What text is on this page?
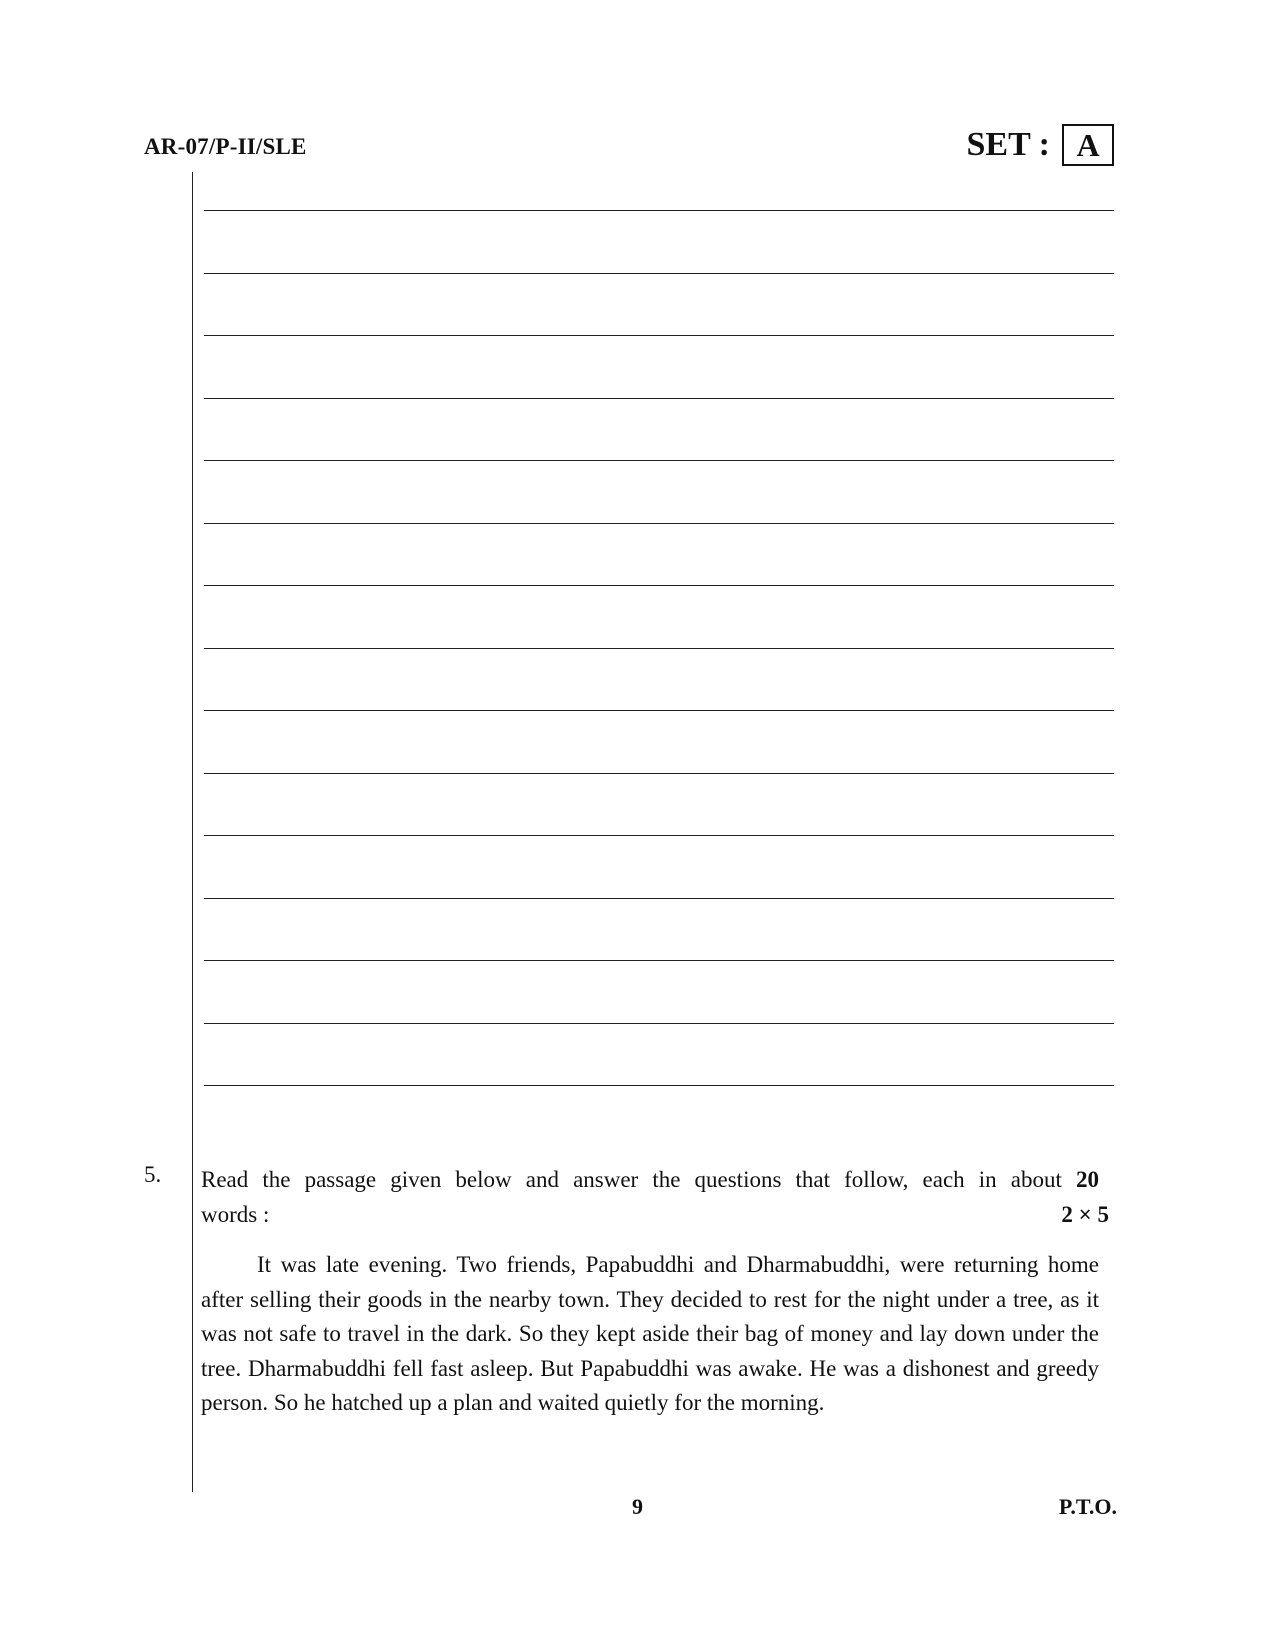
AR-07/P-II/SLE	SET : A
5. Read the passage given below and answer the questions that follow, each in about 20
words :	2 × 5
It was late evening. Two friends, Papabuddhi and Dharmabuddhi, were returning home after selling their goods in the nearby town. They decided to rest for the night under a tree, as it was not safe to travel in the dark. So they kept aside their bag of money and lay down under the tree. Dharmabuddhi fell fast asleep. But Papabuddhi was awake. He was a dishonest and greedy person. So he hatched up a plan and waited quietly for the morning.
9	P.T.O.
